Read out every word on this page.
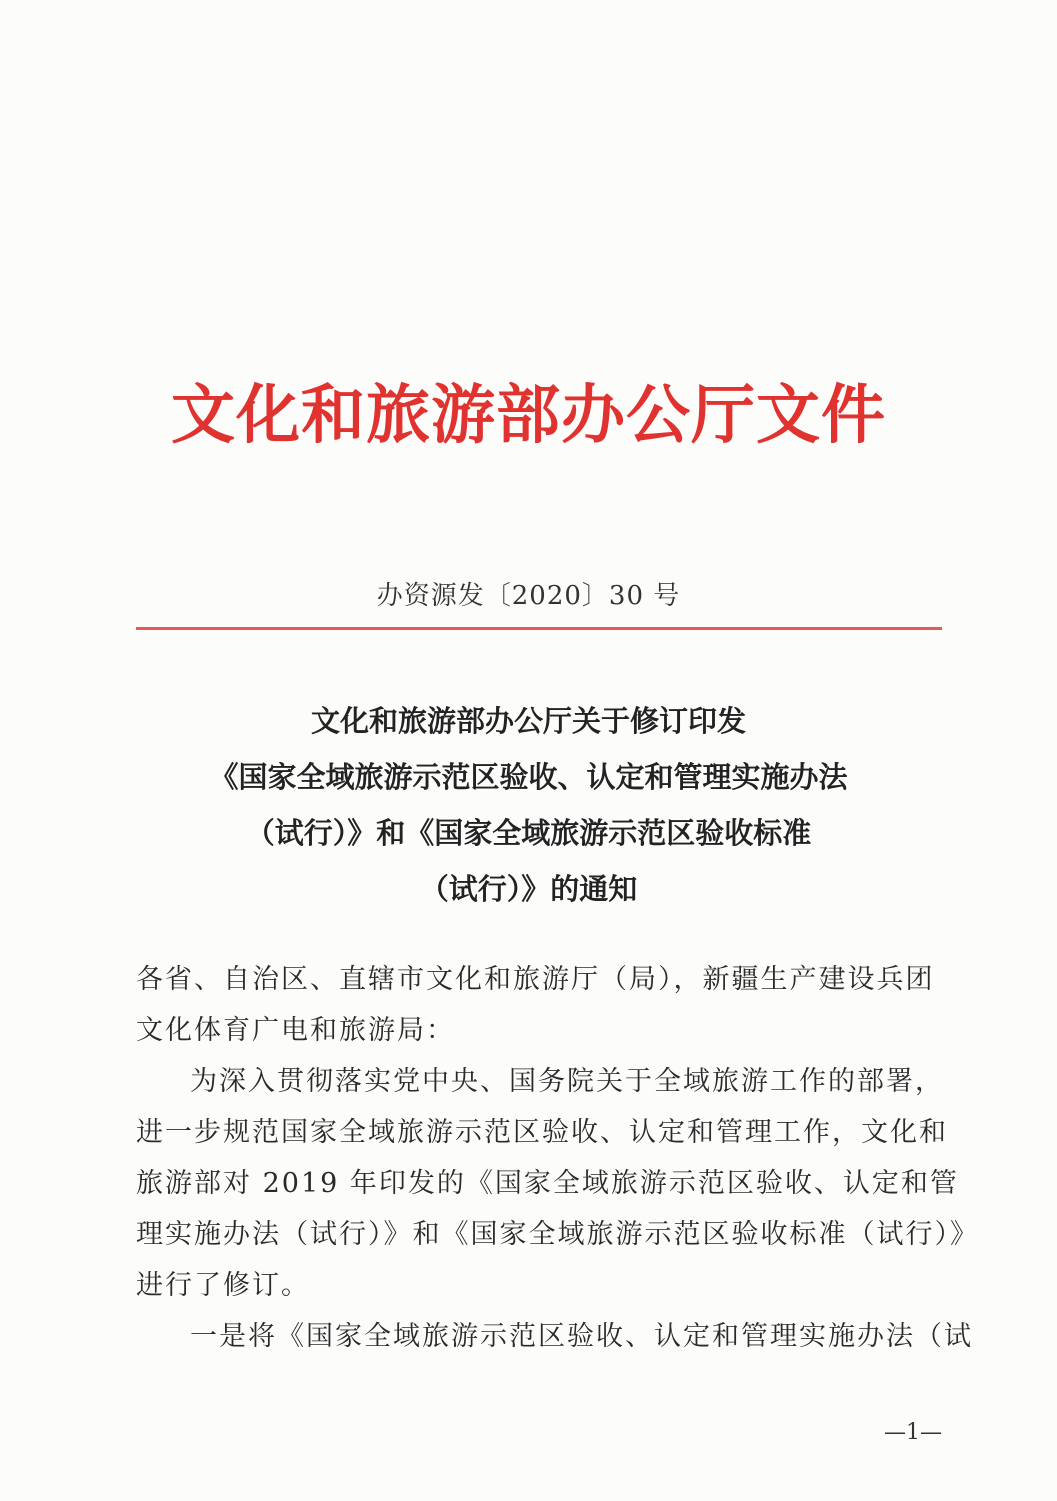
文化和旅游部办公厅文件
办资源发〔2020〕30 号
文化和旅游部办公厅关于修订印发
《国家全域旅游示范区验收、认定和管理实施办法
（试行）》和《国家全域旅游示范区验收标准
（试行）》的通知

各省、自治区、直辖市文化和旅游厅（局），新疆生产建设兵团

文化体育广电和旅游局：

为深入贯彻落实党中央、国务院关于全域旅游工作的部署，

进一步规范国家全域旅游示范区验收、认定和管理工作，文化和

旅游部对 2019 年印发的《国家全域旅游示范区验收、认定和管

理实施办法（试行）》和《国家全域旅游示范区验收标准（试行）》

进行了修订。

一是将《国家全域旅游示范区验收、认定和管理实施办法（试

—1—
